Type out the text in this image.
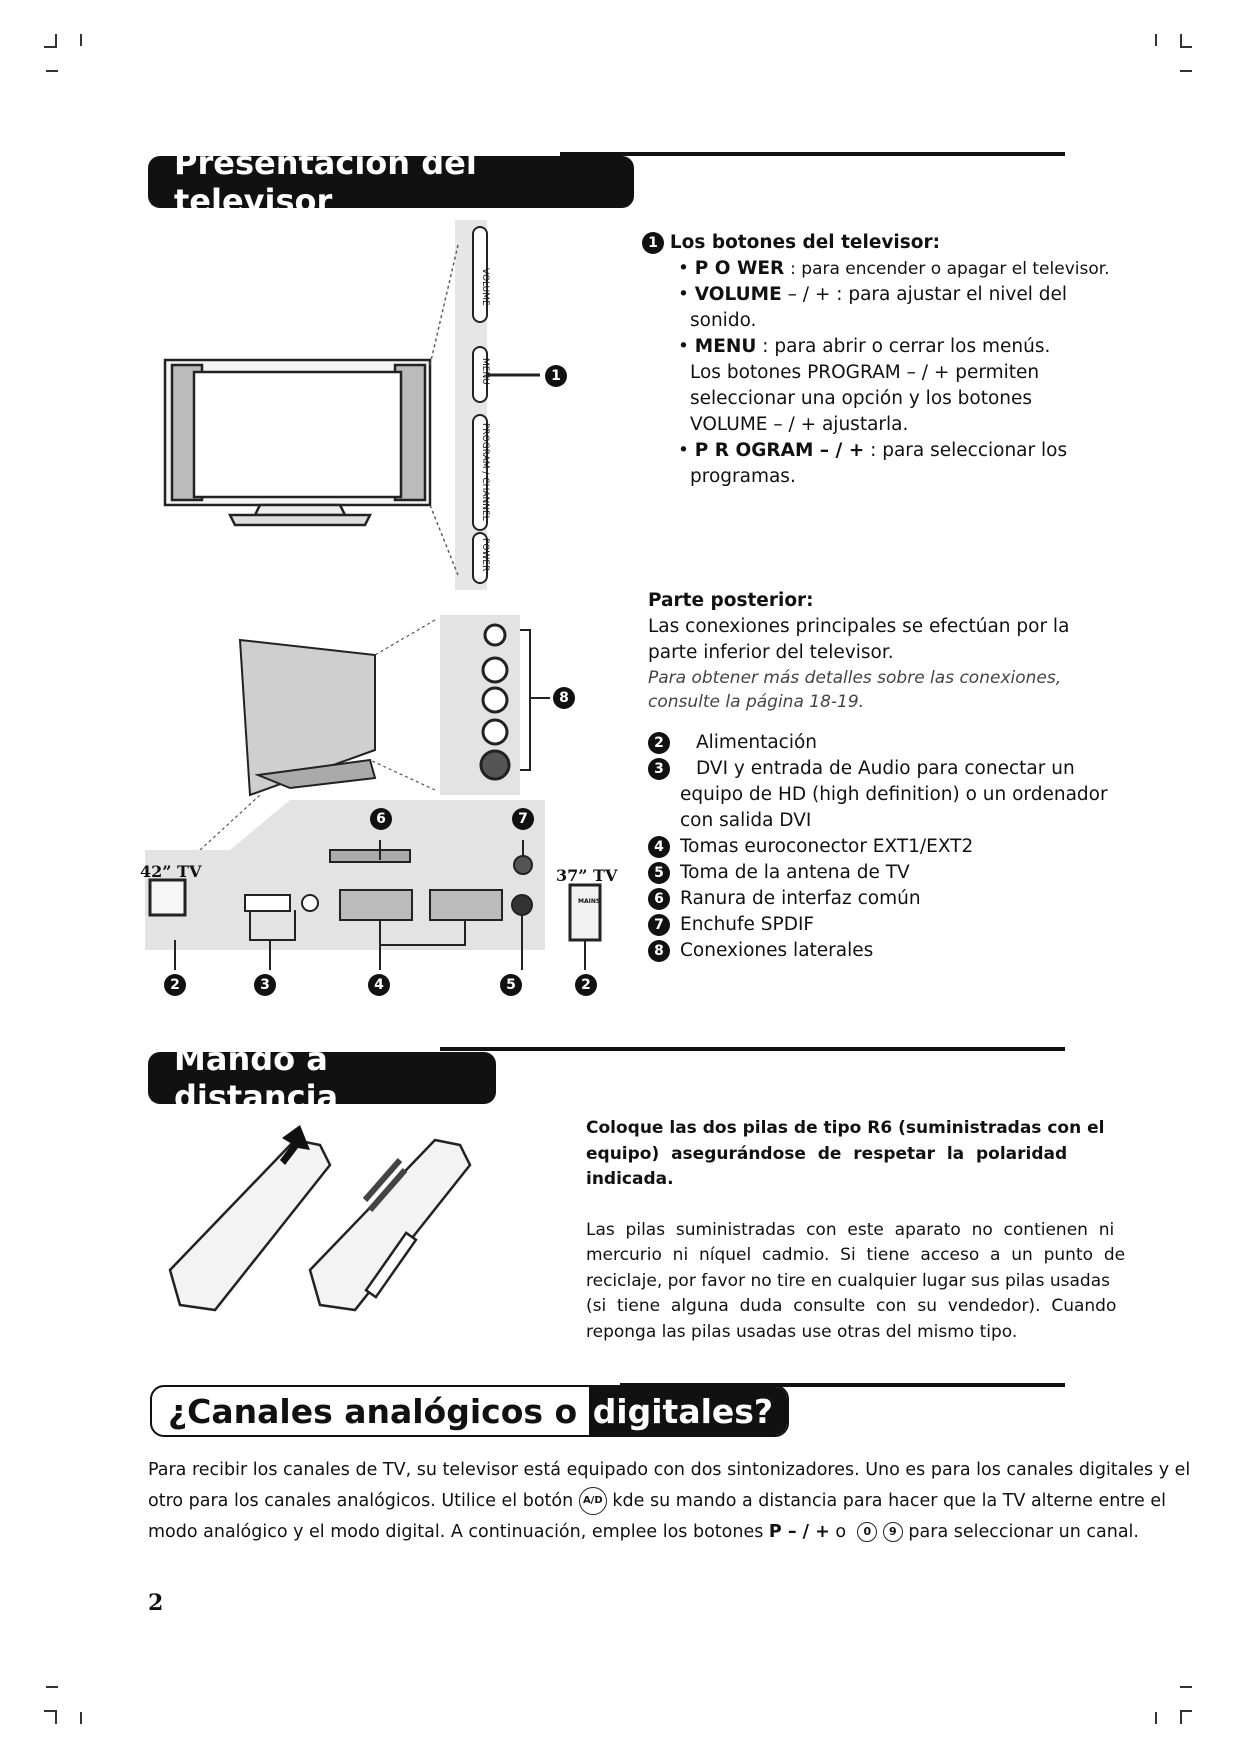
Presentación del televisor
VOLUME
MENU
PROGRAM / CHANNEL
POWER
1
1 Los botones del televisor:
• P O WER : para encender o apagar el televisor.
• VOLUME – / + : para ajustar el nivel del
sonido.
• MENU : para abrir o cerrar los menús.
Los botones PROGRAM – / + permiten
seleccionar una opción y los botones
VOLUME – / + ajustarla.
• P R OGRAM – / + : para seleccionar los
programas.
8
6	7
2	3	4	5	2
42” TV	37” TV
MAINS
Parte posterior:
Las conexiones principales se efectúan por la
parte inferior del televisor.
Para obtener más detalles sobre las conexiones,
consulte la página 18-19.
2	Alimentación
3	DVI y entrada de Audio para conectar un
equipo de HD (high definition) o un ordenador
con salida DVI
4 Tomas euroconector EXT1/EXT2
5 Toma de la antena de TV
6 Ranura de interfaz común
7 Enchufe SPDIF
8 Conexiones laterales
Mando a distancia
Coloque las dos pilas de tipo R6 (suministradas con el
equipo)  asegurándose  de  respetar  la  polaridad
indicada.
Las  pilas  suministradas  con  este  aparato  no  contienen  ni
mercurio  ni  níquel  cadmio.  Si  tiene  acceso  a  un  punto  de
reciclaje, por favor no tire en cualquier lugar sus pilas usadas
(si  tiene  alguna  duda  consulte  con  su  vendedor).  Cuando
reponga las pilas usadas use otras del mismo tipo.
¿Canales analógicos o digitales?
Para recibir los canales de TV, su televisor está equipado con dos sintonizadores. Uno es para los canales digitales y el
otro para los canales analógicos. Utilice el botón A/D kde su mando a distancia para hacer que la TV alterne entre el
modo analógico y el modo digital. A continuación, emplee los botones P – / + o  0 9 para seleccionar un canal.
2
